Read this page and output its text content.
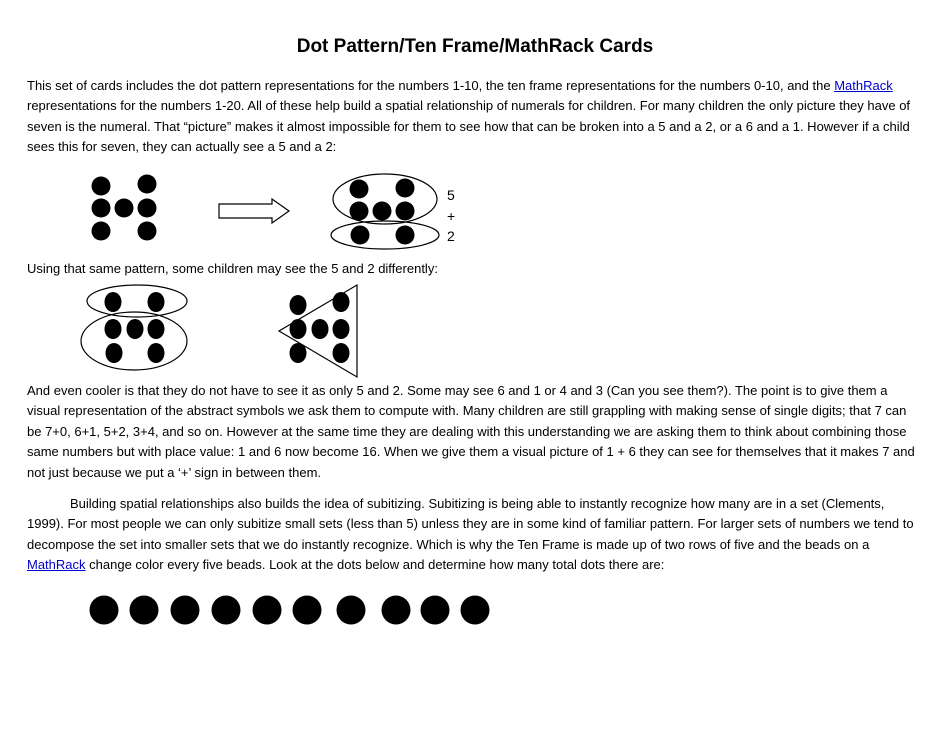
Dot Pattern/Ten Frame/MathRack Cards

This set of cards includes the dot pattern representations for the numbers 1-10, the ten frame representations for the numbers 0-10, and the MathRack representations for the numbers 1-20. All of these help build a spatial relationship of numerals for children. For many children the only picture they have of seven is the numeral. That “picture” makes it almost impossible for them to see how that can be broken into a 5 and a 2, or a 6 and a 1. However if a child sees this for seven, they can actually see a 5 and a 2:

5
+
2

Using that same pattern, some children may see the 5 and 2 differently:

And even cooler is that they do not have to see it as only 5 and 2. Some may see 6 and 1 or 4 and 3 (Can you see them?). The point is to give them a visual representation of the abstract symbols we ask them to compute with. Many children are still grappling with making sense of single digits; that 7 can be 7+0, 6+1, 5+2, 3+4, and so on. However at the same time they are dealing with this understanding we are asking them to think about combining those same numbers but with place value: 1 and 6 now become 16. When we give them a visual picture of 1 + 6 they can see for themselves that it makes 7 and not just because we put a ‘+’ sign in between them.

Building spatial relationships also builds the idea of subitizing. Subitizing is being able to instantly recognize how many are in a set (Clements, 1999). For most people we can only subitize small sets (less than 5) unless they are in some kind of familiar pattern. For larger sets of numbers we tend to decompose the set into smaller sets that we do instantly recognize. Which is why the Ten Frame is made up of two rows of five and the beads on a MathRack change color every five beads. Look at the dots below and determine how many total dots there are:
